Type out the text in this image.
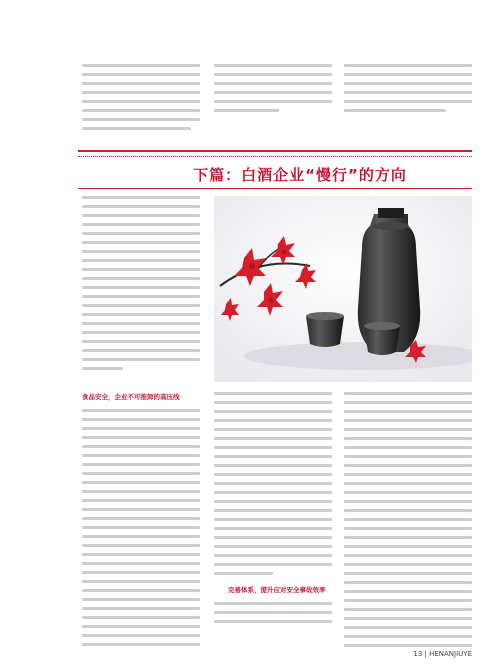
下篇：白酒企业“慢行”的方向
食品安全，企业不可推卸的高压线
完善体系，提升应对安全事故效率
13 | HENANJIUYE
